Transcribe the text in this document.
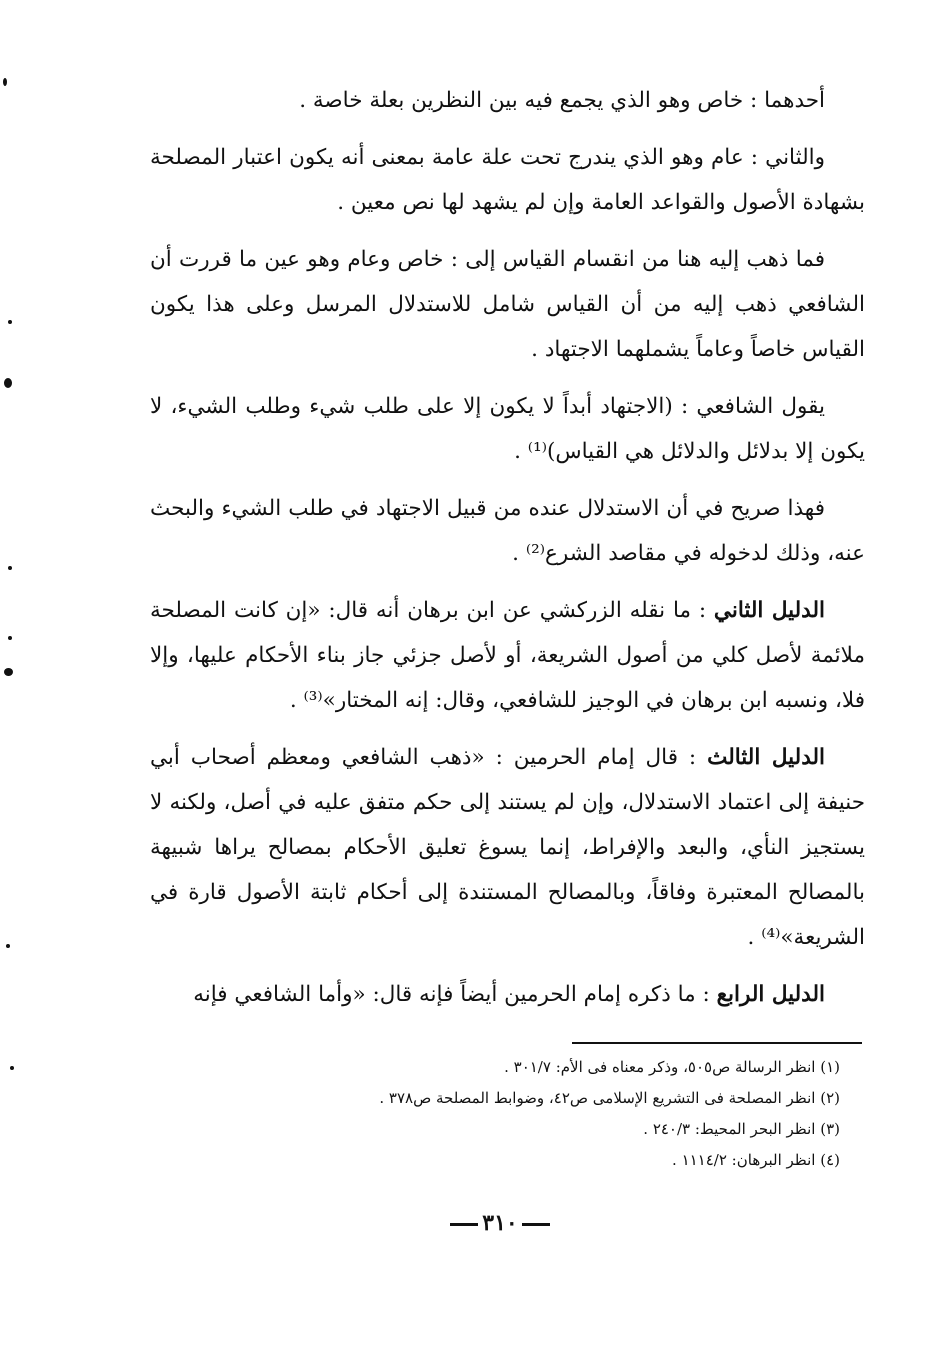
أحدهما : خاص وهو الذي يجمع فيه بين النظرين بعلة خاصة .

والثاني : عام وهو الذي يندرج تحت علة عامة بمعنى أنه يكون اعتبار المصلحة بشهادة الأصول والقواعد العامة وإن لم يشهد لها نص معين .

فما ذهب إليه هنا من انقسام القياس إلى : خاص وعام وهو عين ما قررت أن الشافعي ذهب إليه من أن القياس شامل للاستدلال المرسل وعلى هذا يكون القياس خاصاً وعاماً يشملهما الاجتهاد .

يقول الشافعي : (الاجتهاد أبداً لا يكون إلا على طلب شيء وطلب الشيء، لا يكون إلا بدلائل والدلائل هي القياس)⁽¹⁾ .

فهذا صريح في أن الاستدلال عنده من قبيل الاجتهاد في طلب الشيء والبحث عنه، وذلك لدخوله في مقاصد الشرع⁽²⁾ .

الدليل الثاني : ما نقله الزركشي عن ابن برهان أنه قال: «إن كانت المصلحة ملائمة لأصل كلي من أصول الشريعة، أو لأصل جزئي جاز بناء الأحكام عليها، وإلا فلا، ونسبه ابن برهان في الوجيز للشافعي، وقال: إنه المختار»⁽³⁾ .

الدليل الثالث : قال إمام الحرمين : «ذهب الشافعي ومعظم أصحاب أبي حنيفة إلى اعتماد الاستدلال، وإن لم يستند إلى حكم متفق عليه في أصل، ولكنه لا يستجيز النأي، والبعد والإفراط، إنما يسوغ تعليق الأحكام بمصالح يراها شبيهة بالمصالح المعتبرة وفاقاً، وبالمصالح المستندة إلى أحكام ثابتة الأصول قارة في الشريعة»⁽⁴⁾ .

الدليل الرابع : ما ذكره إمام الحرمين أيضاً فإنه قال: «وأما الشافعي فإنه

(١) انظر الرسالة ص٥٠٥، وذكر معناه فى الأم: ٣٠١/٧ .

(٢) انظر المصلحة فى التشريع الإسلامى ص٤٢، وضوابط المصلحة ص٣٧٨ .

(٣) انظر البحر المحيط: ٢٤٠/٣ .

(٤) انظر البرهان: ١١١٤/٢ .

٣١٠
